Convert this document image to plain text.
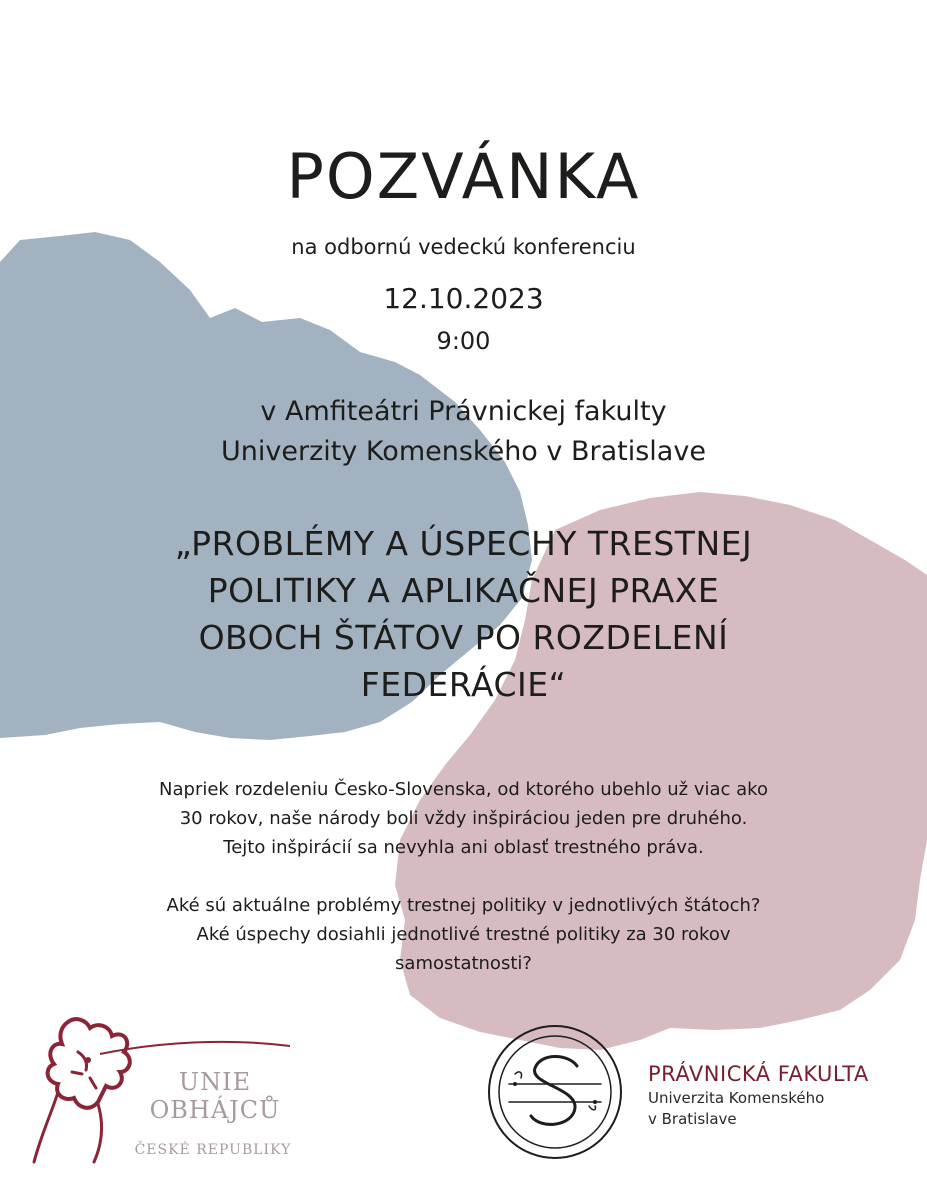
POZVÁNKA
na odbornú vedeckú konferenciu
12.10.2023
9:00
v Amfiteátri Právnickej fakulty
Univerzity Komenského v Bratislave
„PROBLÉMY A ÚSPECHY TRESTNEJ
POLITIKY A APLIKAČNEJ PRAXE
OBOCH ŠTÁTOV PO ROZDELENÍ
FEDERÁCIE“

Napriek rozdeleniu Česko-Slovenska, od ktorého ubehlo už viac ako
30 rokov, naše národy boli vždy inšpiráciou jeden pre druhého.
Tejto inšpirácií sa nevyhla ani oblasť trestného práva.

Aké sú aktuálne problémy trestnej politiky v jednotlivých štátoch?
Aké úspechy dosiahli jednotlivé trestné politiky za 30 rokov
samostatnosti?

UNIE
OBHÁJCŮ
ČESKÉ REPUBLIKY
PRÁVNICKÁ FAKULTA
Univerzita Komenského
v Bratislave
